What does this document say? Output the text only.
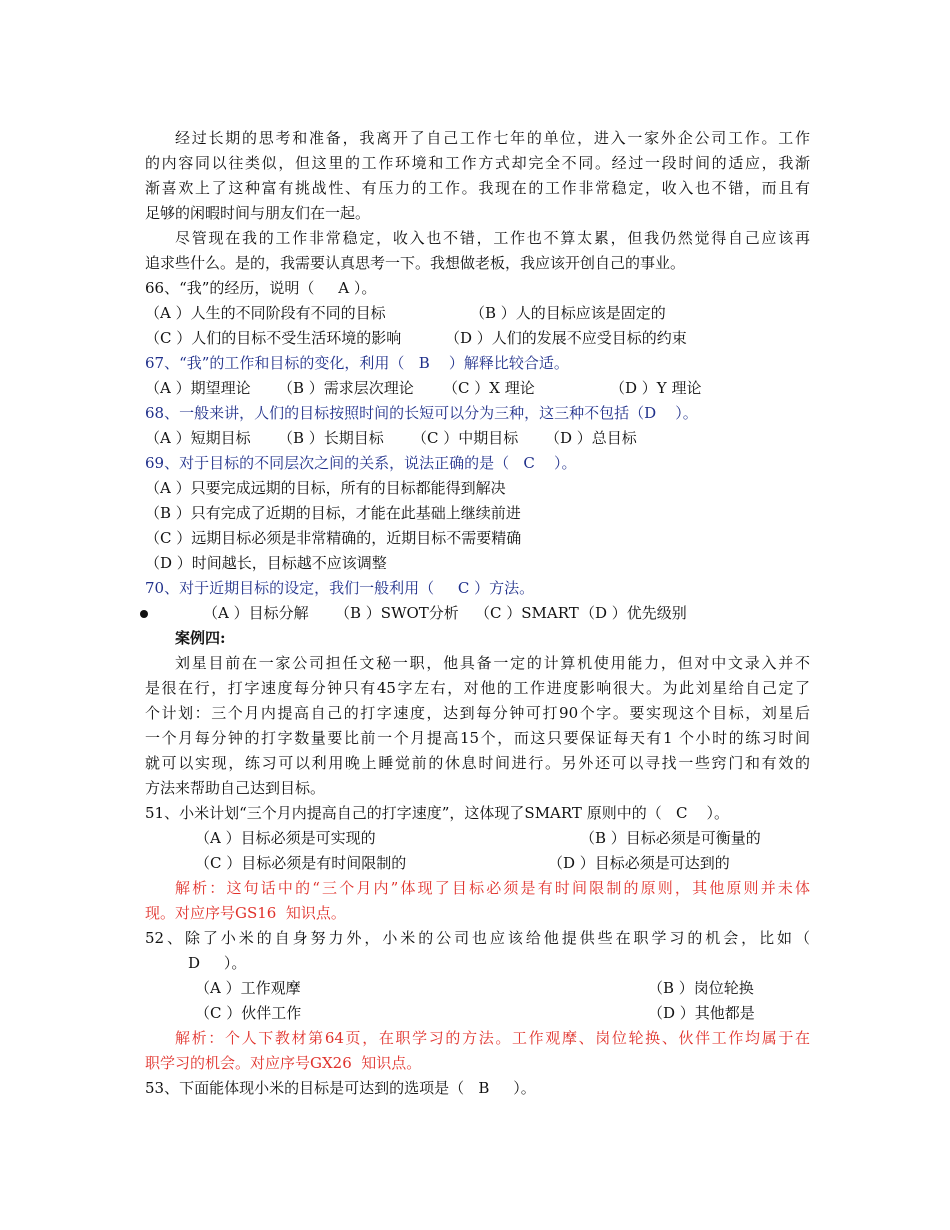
经过长期的思考和准备，我离开了自己工作七年的单位，进入一家外企公司工作。工作
的内容同以往类似，但这里的工作环境和工作方式却完全不同。经过一段时间的适应，我渐
渐喜欢上了这种富有挑战性、有压力的工作。我现在的工作非常稳定，收入也不错，而且有
足够的闲暇时间与朋友们在一起。
尽管现在我的工作非常稳定，收入也不错，工作也不算太累，但我仍然觉得自己应该再
追求些什么。是的，我需要认真思考一下。我想做老板，我应该开创自己的事业。
66、“我”的经历，说明（     A ）。
（A ）人生的不同阶段有不同的目标	（B ）人的目标应该是固定的
（C ）人们的目标不受生活环境的影响	（D ）人们的发展不应受目标的约束
67、“我”的工作和目标的变化，利用（   B    ）解释比较合适。
（A ）期望理论 （B ）需求层次理论 （C ）X 理论	（D ）Y 理论
68、一般来讲，人们的目标按照时间的长短可以分为三种，这三种不包括（D    ）。
（A ）短期目标 （B ）长期目标 （C ）中期目标 （D ）总目标
69、对于目标的不同层次之间的关系，说法正确的是（   C    ）。
（A ）只要完成远期的目标，所有的目标都能得到解决
（B ）只有完成了近期的目标，才能在此基础上继续前进
（C ）远期目标必须是非常精确的，近期目标不需要精确
（D ）时间越长，目标越不应该调整
70、对于近期目标的设定，我们一般利用（     C ）方法。
（A ）目标分解 （B ）SWOT分析 （C ）SMART （D ）优先级别
案例四:
刘星目前在一家公司担任文秘一职，他具备一定的计算机使用能力，但对中文录入并不
是很在行，打字速度每分钟只有45字左右，对他的工作进度影响很大。为此刘星给自己定了
个计划：三个月内提高自己的打字速度，达到每分钟可打90个字。要实现这个目标，刘星后
一个月每分钟的打字数量要比前一个月提高15个，而这只要保证每天有1 个小时的练习时间
就可以实现，练习可以利用晚上睡觉前的休息时间进行。另外还可以寻找一些窍门和有效的
方法来帮助自己达到目标。
51、小米计划“三个月内提高自己的打字速度”，这体现了SMART 原则中的（   C    ）。
（A ）目标必须是可实现的	（B ）目标必须是可衡量的
（C ）目标必须是有时间限制的	（D ）目标必须是可达到的
解析：这句话中的“三个月内”体现了目标必须是有时间限制的原则，其他原则并未体
现。对应序号GS16  知识点。
52、除了小米的自身努力外，小米的公司也应该给他提供些在职学习的机会，比如（
D     ）。
（A ）工作观摩	（B ）岗位轮换
（C ）伙伴工作	（D ）其他都是
解析：个人下教材第64页，在职学习的方法。工作观摩、岗位轮换、伙伴工作均属于在
职学习的机会。对应序号GX26  知识点。
53、下面能体现小米的目标是可达到的选项是（   B     ）。
